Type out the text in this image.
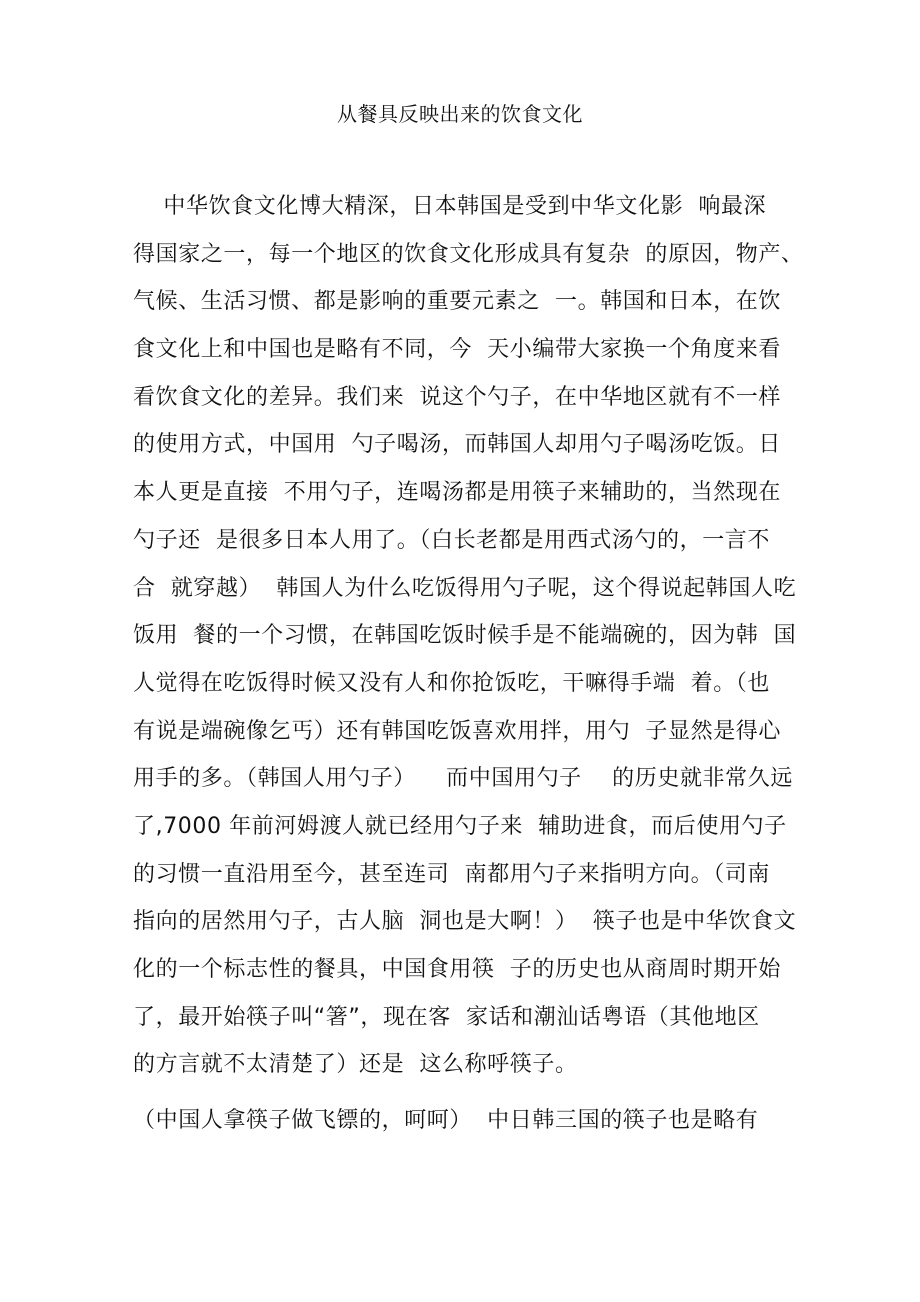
从餐具反映出来的饮食文化
中华饮食文化博大精深，日本韩国是受到中华文化影  响最深
得国家之一，每一个地区的饮食文化形成具有复杂  的原因，物产、
气候、生活习惯、都是影响的重要元素之  一。韩国和日本，在饮
食文化上和中国也是略有不同，今  天小编带大家换一个角度来看
看饮食文化的差异。我们来  说这个勺子，在中华地区就有不一样
的使用方式，中国用  勺子喝汤，而韩国人却用勺子喝汤吃饭。日
本人更是直接  不用勺子，连喝汤都是用筷子来辅助的，当然现在
勺子还  是很多日本人用了。（白长老都是用西式汤勺的，一言不
合  就穿越）  韩国人为什么吃饭得用勺子呢，这个得说起韩国人吃
饭用  餐的一个习惯，在韩国吃饭时候手是不能端碗的，因为韩  国
人觉得在吃饭得时候又没有人和你抢饭吃，干嘛得手端  着。（也
有说是端碗像乞丐）还有韩国吃饭喜欢用拌，用勺  子显然是得心
用手的多。（韩国人用勺子）    而中国用勺子    的历史就非常久远
了,7000 年前河姆渡人就已经用勺子来  辅助进食，而后使用勺子
的习惯一直沿用至今，甚至连司  南都用勺子来指明方向。（司南
指向的居然用勺子，古人脑  洞也是大啊！）  筷子也是中华饮食文
化的一个标志性的餐具，中国食用筷  子的历史也从商周时期开始
了，最开始筷子叫“箸”，现在客  家话和潮汕话粤语（其他地区
的方言就不太清楚了）还是  这么称呼筷子。
（中国人拿筷子做飞镖的，呵呵）  中日韩三国的筷子也是略有
